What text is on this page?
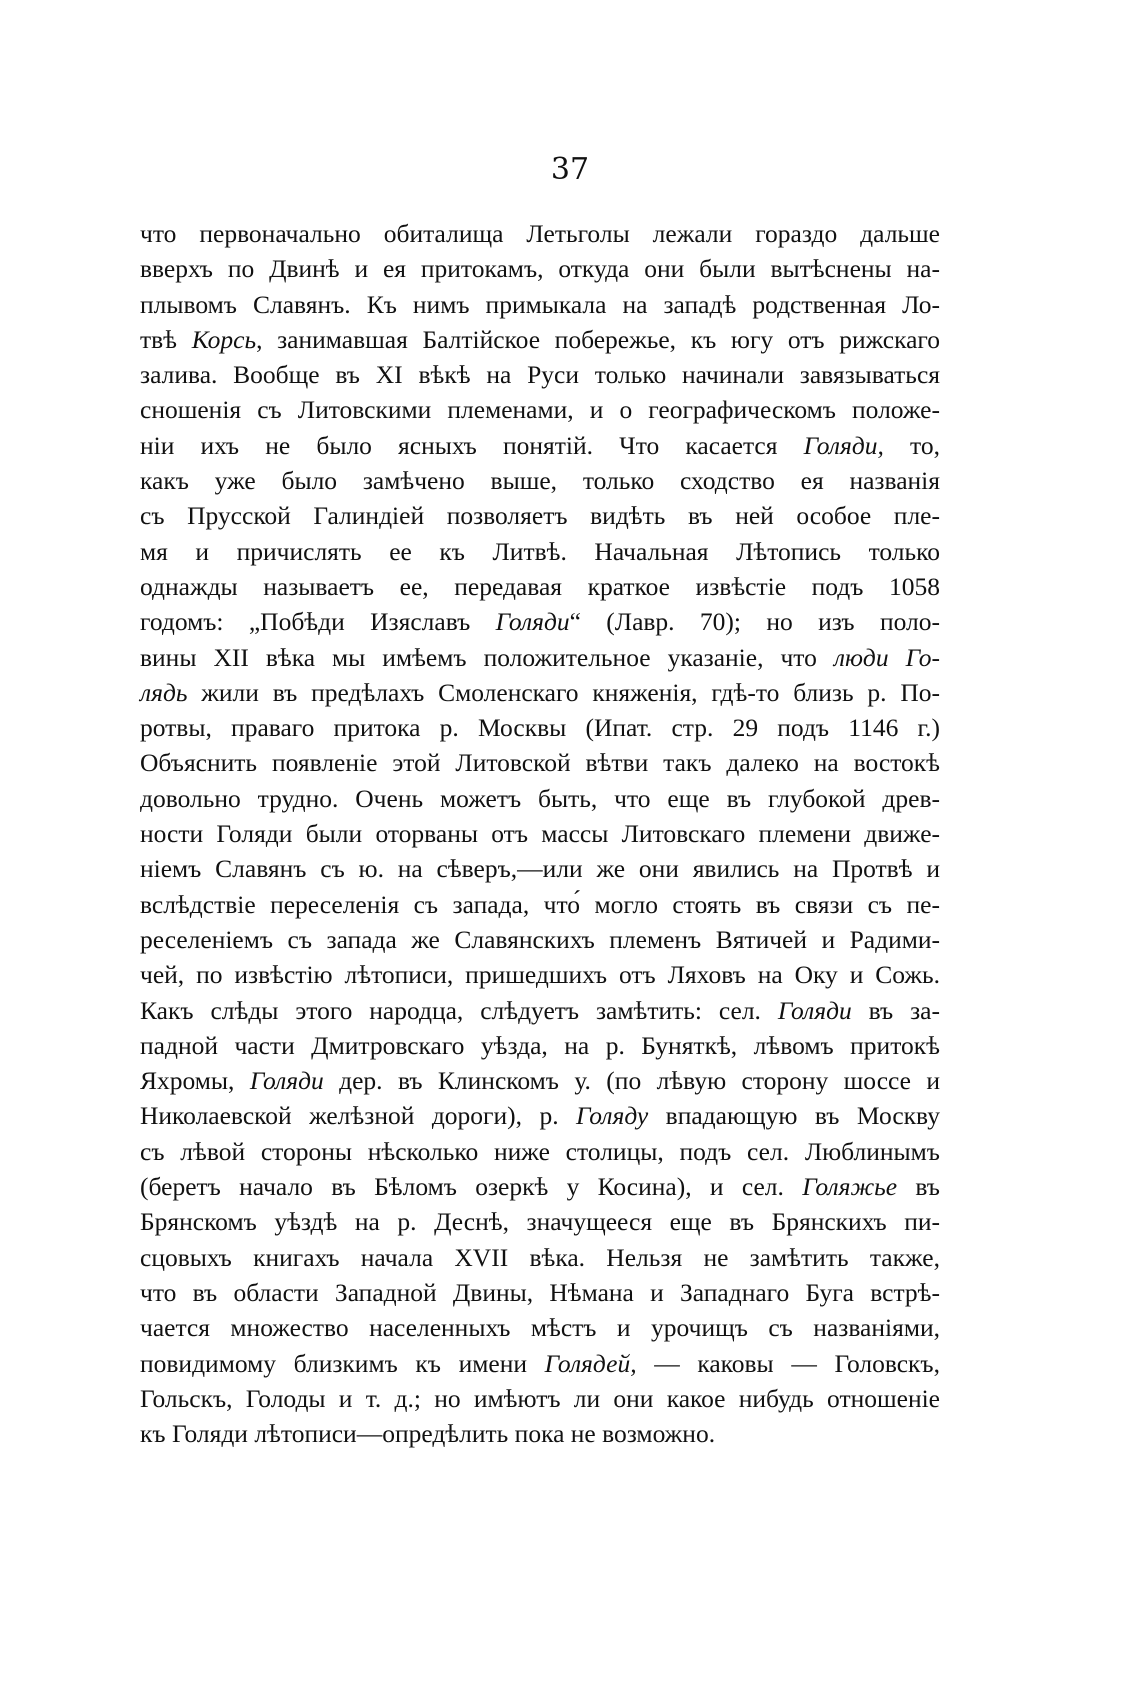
37
что первоначально обиталища Летьголы лежали гораздо дальше
вверхъ по Двинѣ и ея притокамъ, откуда они были вытѣснены на-
плывомъ Славянъ. Къ нимъ примыкала на западѣ родственная Ло-
твѣ Корсь, занимавшая Балтійское побережье, къ югу отъ рижскаго
залива. Вообще въ XI вѣкѣ на Руси только начинали завязываться
сношенія съ Литовскими племенами, и о географическомъ положе-
ніи ихъ не было ясныхъ понятій. Что касается Голяди, то,
какъ уже было замѣчено выше, только сходство ея названія
съ Прусской Галиндіей позволяетъ видѣть въ ней особое пле-
мя и причислять ее къ Литвѣ. Начальная Лѣтопись только
однажды называетъ ее, передавая краткое извѣстіе подъ 1058
годомъ: „Побѣди Изяславъ Голяди“ (Лавр. 70); но изъ поло-
вины XII вѣка мы имѣемъ положительное указаніе, что люди Го-
лядь жили въ предѣлахъ Смоленскаго княженія, гдѣ-то близь р. По-
ротвы, праваго притока р. Москвы (Ипат. стр. 29 подъ 1146 г.)
Объяснить появленіе этой Литовской вѣтви такъ далеко на востокѣ
довольно трудно. Очень можетъ быть, что еще въ глубокой древ-
ности Голяди были оторваны отъ массы Литовскаго племени движе-
ніемъ Славянъ съ ю. на сѣверъ,—или же они явились на Протвѣ и
вслѣдствіе переселенія съ запада, что́ могло стоять въ связи съ пе-
реселеніемъ съ запада же Славянскихъ племенъ Вятичей и Радими-
чей, по извѣстію лѣтописи, пришедшихъ отъ Ляховъ на Оку и Сожь.
Какъ слѣды этого народца, слѣдуетъ замѣтить: сел. Голяди въ за-
падной части Дмитровскаго уѣзда, на р. Буняткѣ, лѣвомъ притокѣ
Яхромы, Голяди дер. въ Клинскомъ у. (по лѣвую сторону шоссе и
Николаевской желѣзной дороги), р. Голяду впадающую въ Москву
съ лѣвой стороны нѣсколько ниже столицы, подъ сел. Люблинымъ
(беретъ начало въ Бѣломъ озеркѣ у Косина), и сел. Голяжье въ
Брянскомъ уѣздѣ на р. Деснѣ, значущееся еще въ Брянскихъ пи-
сцовыхъ книгахъ начала XVII вѣка. Нельзя не замѣтить также,
что въ области Западной Двины, Нѣмана и Западнаго Буга встрѣ-
чается множество населенныхъ мѣстъ и урочищъ съ названіями,
повидимому близкимъ къ имени Голядей, — каковы — Головскъ,
Гольскъ, Голоды и т. д.; но имѣютъ ли они какое нибудь отношеніе
къ Голяди лѣтописи—опредѣлить пока не возможно.
